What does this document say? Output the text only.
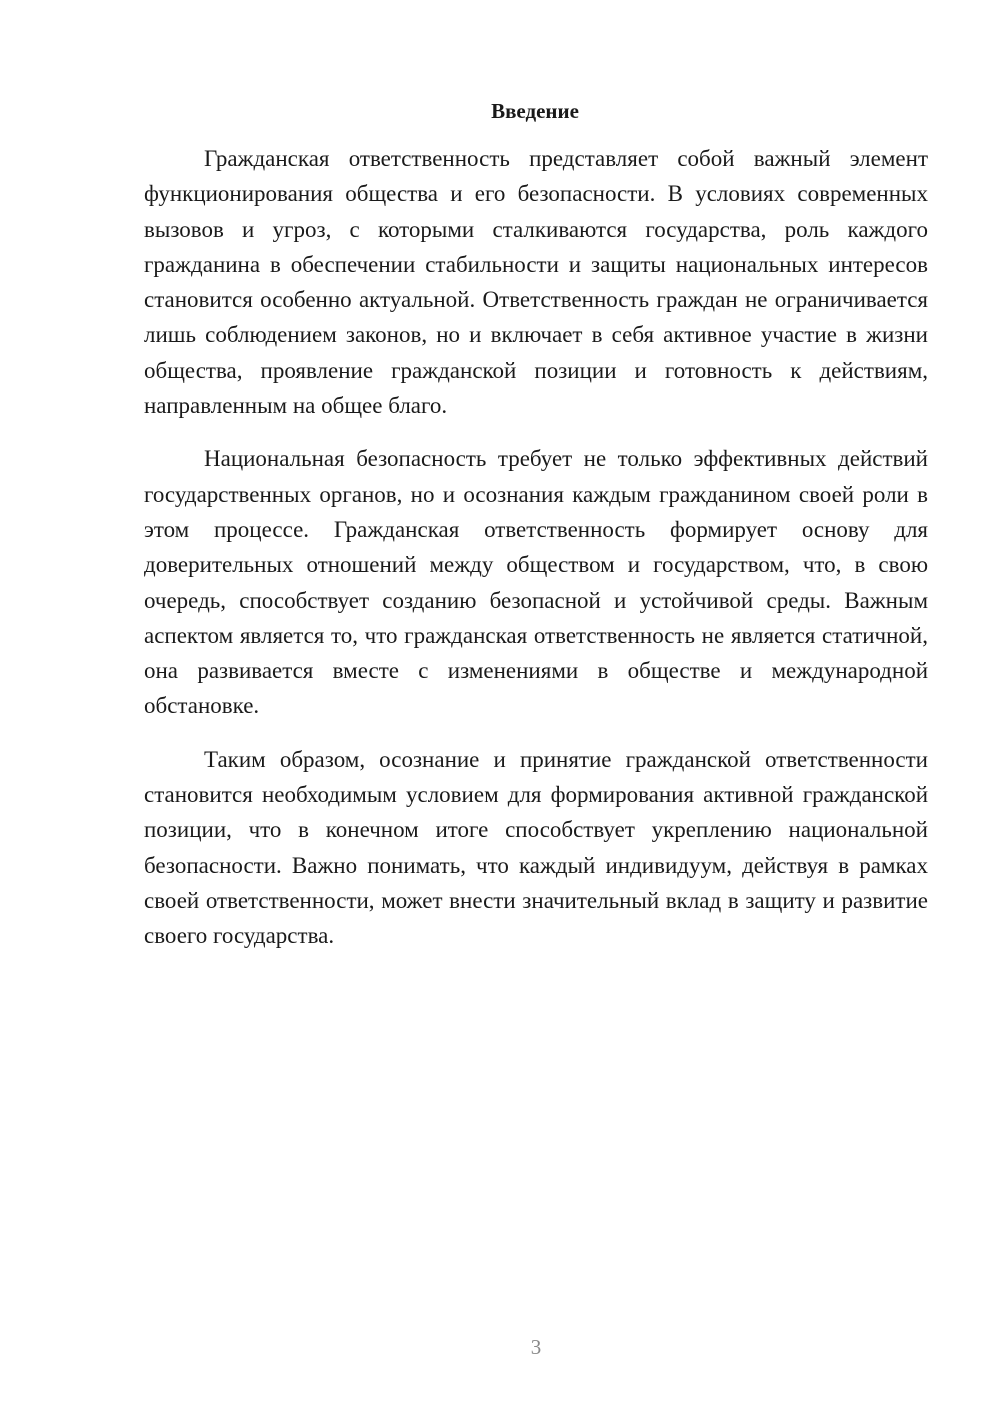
Введение

Гражданская ответственность представляет собой важный элемент функционирования общества и его безопасности. В условиях современных вызовов и угроз, с которыми сталкиваются государства, роль каждого гражданина в обеспечении стабильности и защиты национальных интересов становится особенно актуальной. Ответственность граждан не ограничивается лишь соблюдением законов, но и включает в себя активное участие в жизни общества, проявление гражданской позиции и готовность к действиям, направленным на общее благо.

Национальная безопасность требует не только эффективных действий государственных органов, но и осознания каждым гражданином своей роли в этом процессе. Гражданская ответственность формирует основу для доверительных отношений между обществом и государством, что, в свою очередь, способствует созданию безопасной и устойчивой среды. Важным аспектом является то, что гражданская ответственность не является статичной, она развивается вместе с изменениями в обществе и международной обстановке.

Таким образом, осознание и принятие гражданской ответственности становится необходимым условием для формирования активной гражданской позиции, что в конечном итоге способствует укреплению национальной безопасности. Важно понимать, что каждый индивидуум, действуя в рамках своей ответственности, может внести значительный вклад в защиту и развитие своего государства.

3
